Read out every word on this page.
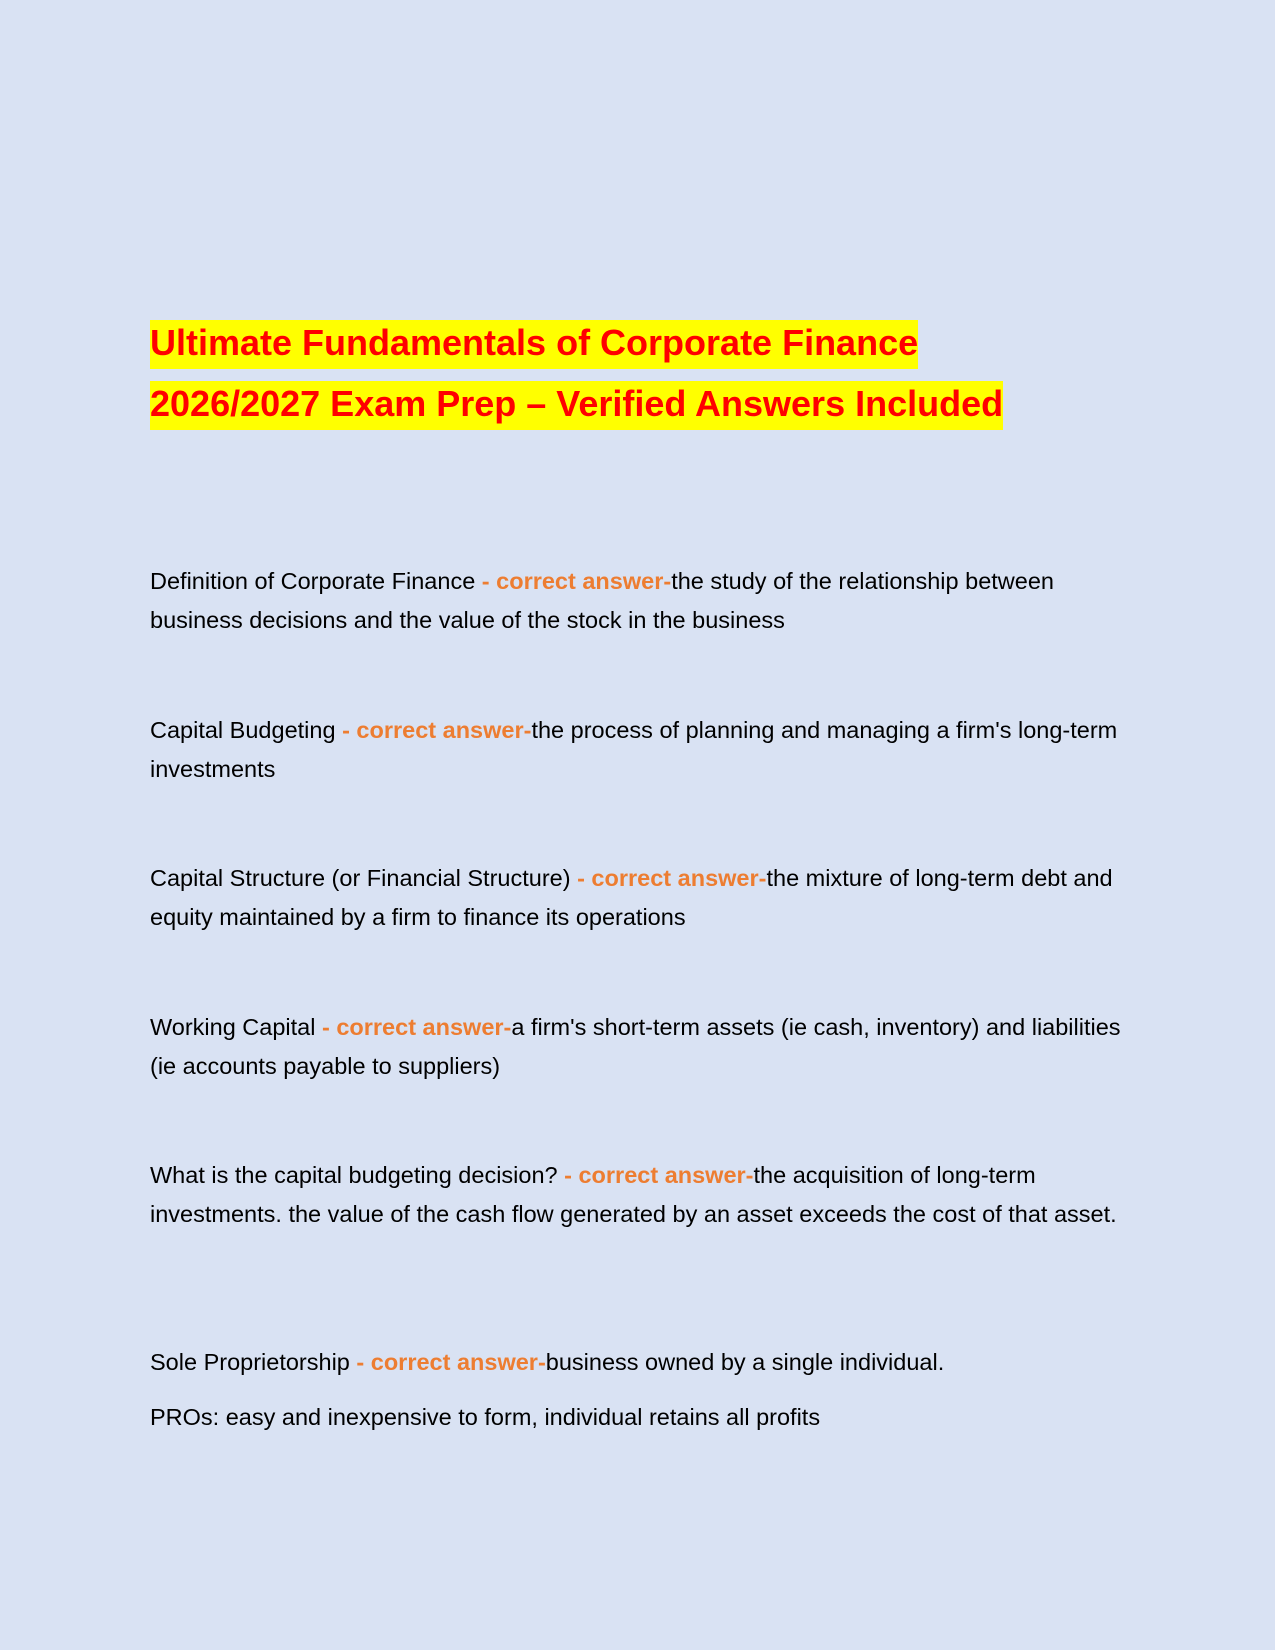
Ultimate Fundamentals of Corporate Finance
2026/2027 Exam Prep – Verified Answers Included

Definition of Corporate Finance - correct answer-the study of the relationship between business decisions and the value of the stock in the business

Capital Budgeting - correct answer-the process of planning and managing a firm's long-term investments

Capital Structure (or Financial Structure) - correct answer-the mixture of long-term debt and equity maintained by a firm to finance its operations

Working Capital - correct answer-a firm's short-term assets (ie cash, inventory) and liabilities (ie accounts payable to suppliers)

What is the capital budgeting decision? - correct answer-the acquisition of long-term investments. the value of the cash flow generated by an asset exceeds the cost of that asset.

Sole Proprietorship - correct answer-business owned by a single individual.

PROs: easy and inexpensive to form, individual retains all profits
